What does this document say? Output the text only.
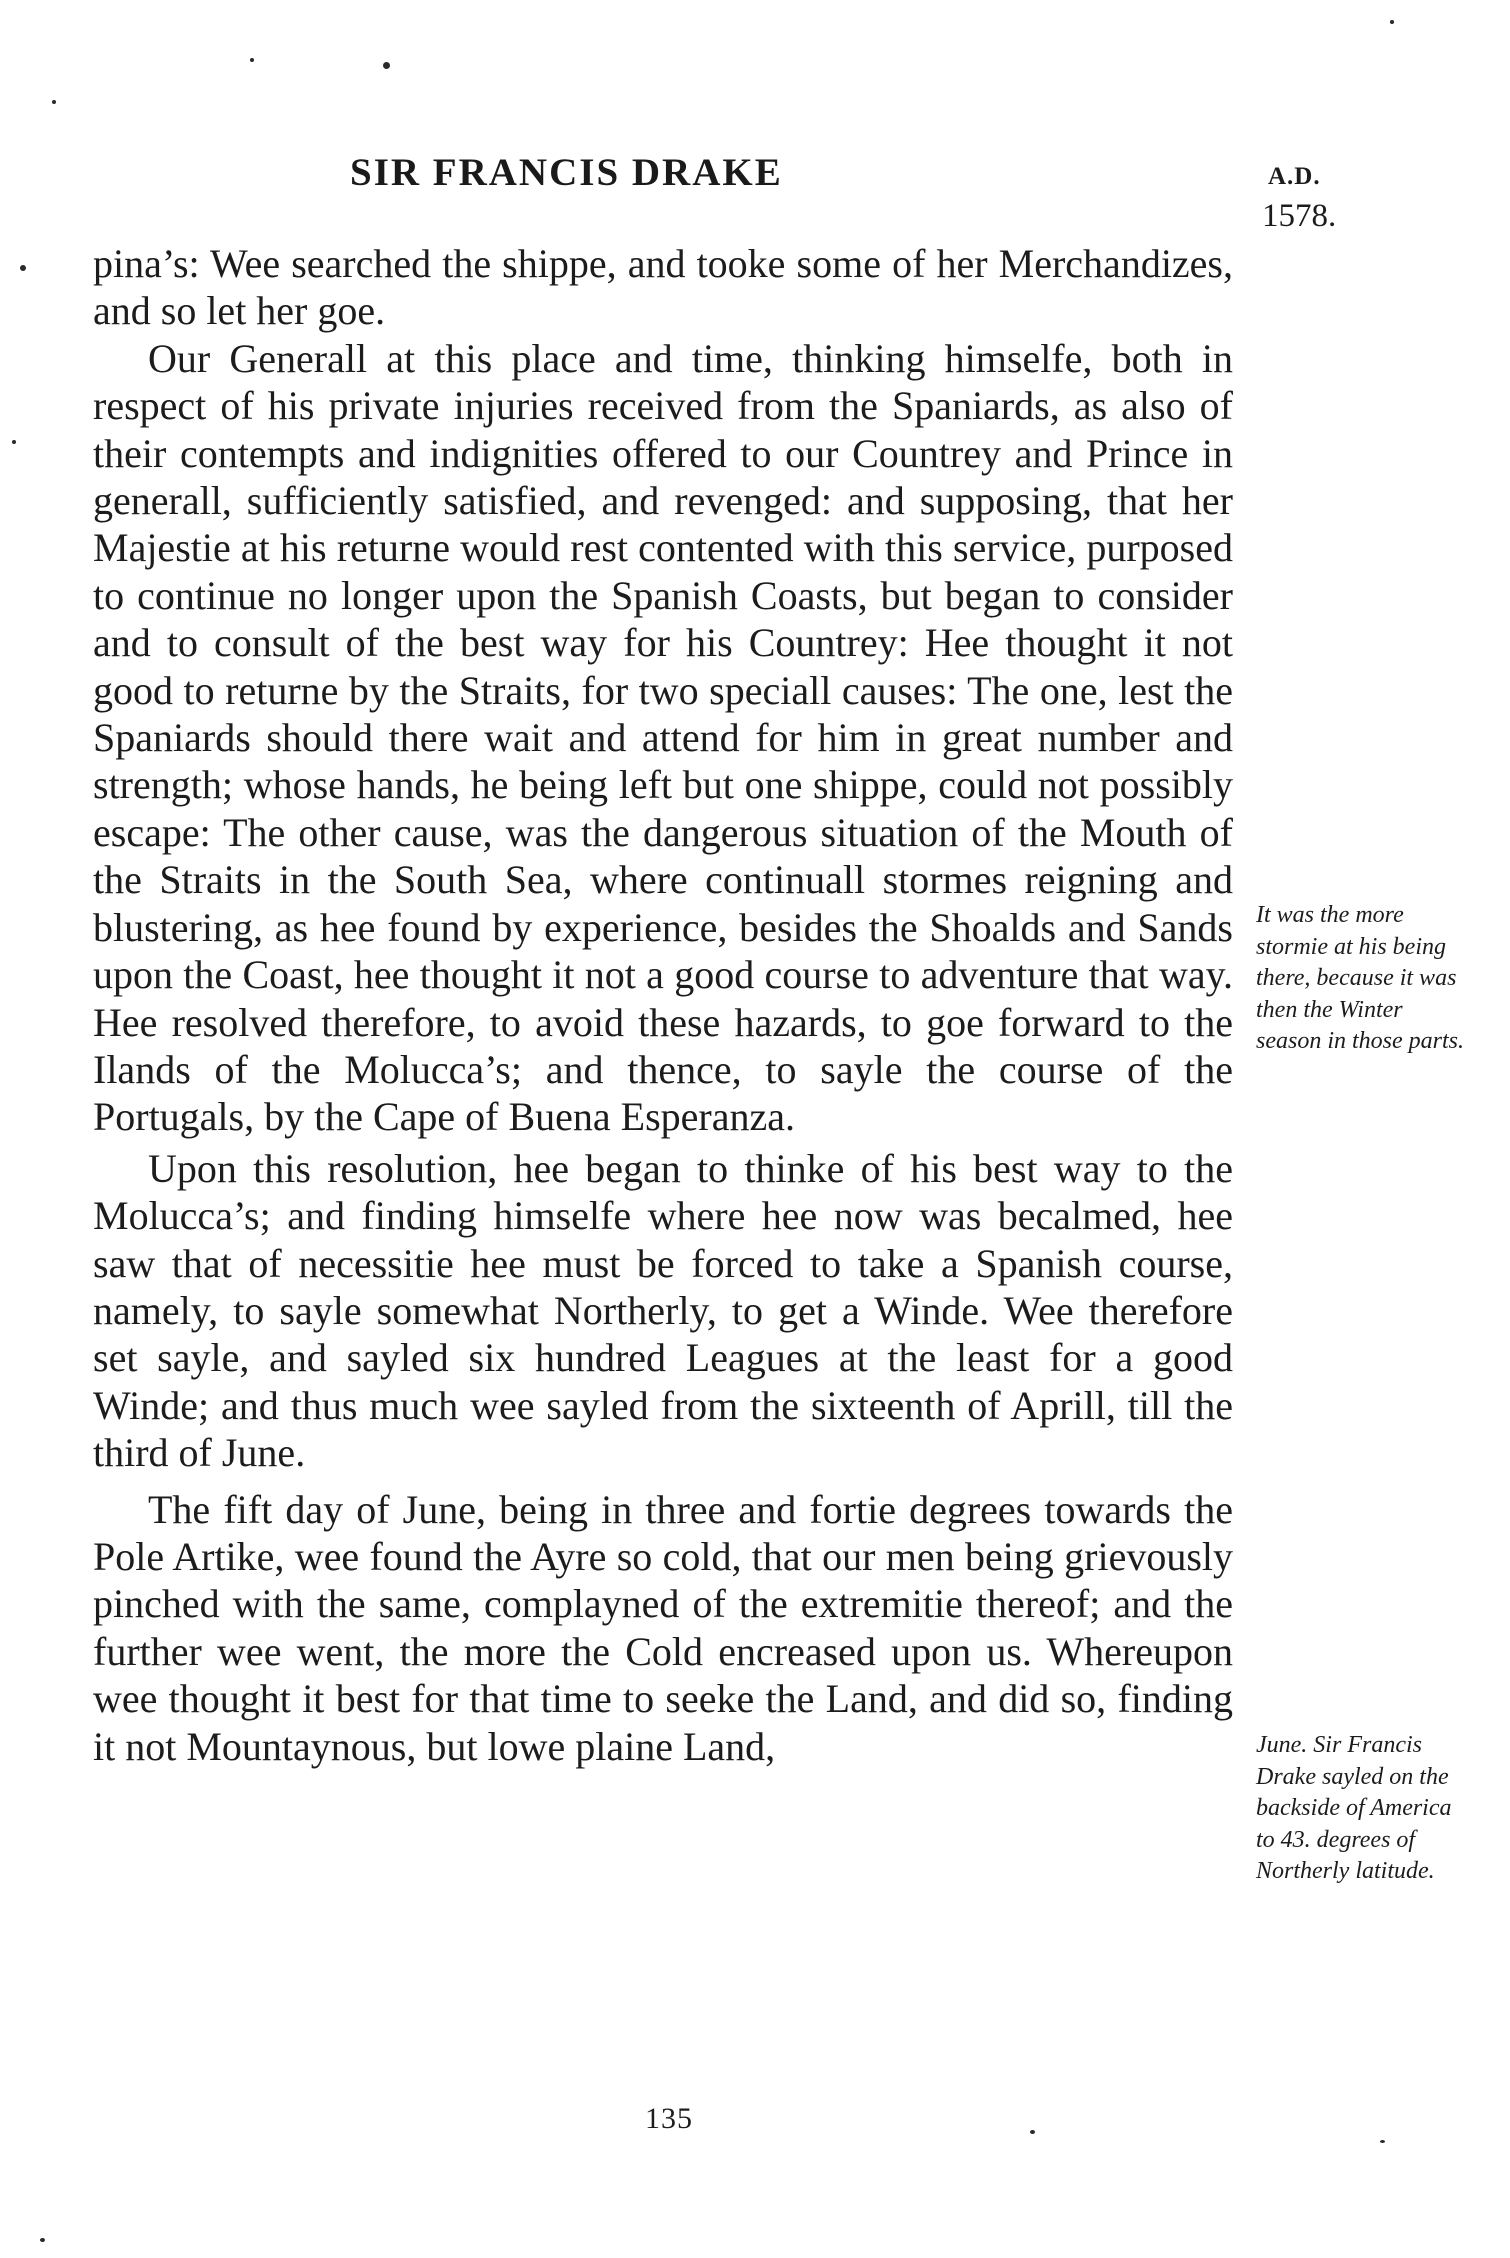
SIR FRANCIS DRAKE	A.D.
1578.

pina’s: Wee searched the shippe, and tooke some of her Merchandizes, and so let her goe.

Our Generall at this place and time, thinking himselfe, both in respect of his private injuries received from the Spaniards, as also of their contempts and indignities offered to our Countrey and Prince in generall, sufficiently satisfied, and revenged: and supposing, that her Majestie at his returne would rest contented with this service, purposed to continue no longer upon the Spanish Coasts, but began to consider and to consult of the best way for his Countrey: Hee thought it not good to returne by the Straits, for two speciall causes: The one, lest the Spaniards should there wait and attend for him in great number and strength; whose hands, he being left but one shippe, could not possibly escape: The other cause, was the dangerous situation of the Mouth of the Straits in the South Sea, where continuall stormes reigning and blustering, as hee found by experience, besides the Shoalds and Sands upon the Coast, hee thought it not a good course to adventure that way. Hee resolved therefore, to avoid these hazards, to goe forward to the Ilands of the Molucca’s; and thence, to sayle the course of the Portugals, by the Cape of Buena Esperanza.

Upon this resolution, hee began to thinke of his best way to the Molucca’s; and finding himselfe where hee now was becalmed, hee saw that of necessitie hee must be forced to take a Spanish course, namely, to sayle somewhat Northerly, to get a Winde. Wee therefore set sayle, and sayled six hundred Leagues at the least for a good Winde; and thus much wee sayled from the sixteenth of Aprill, till the third of June.

The fift day of June, being in three and fortie degrees towards the Pole Artike, wee found the Ayre so cold, that our men being grievously pinched with the same, complayned of the extremitie thereof; and the further wee went, the more the Cold encreased upon us. Whereupon wee thought it best for that time to seeke the Land, and did so, finding it not Mountaynous, but lowe plaine Land,

It was the more stormie at his being there, because it was then the Winter season in those parts.
June. Sir Francis Drake sayled on the backside of America to 43. degrees of Northerly latitude.
135
